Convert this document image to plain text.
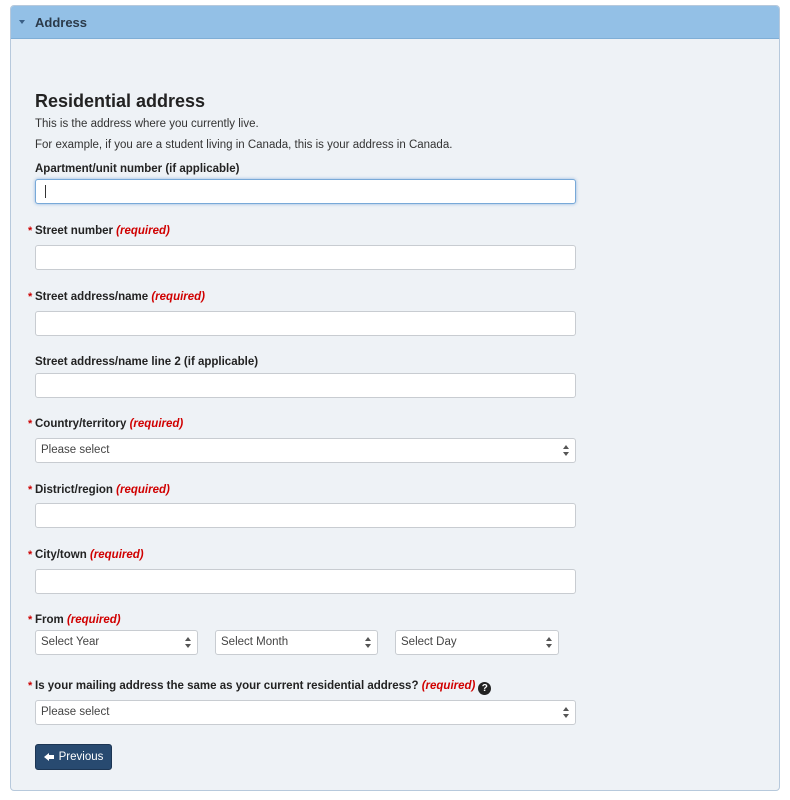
Address
Residential address

This is the address where you currently live.

For example, if you are a student living in Canada, this is your address in Canada.

Apartment/unit number (if applicable)
* Street number (required)
* Street address/name (required)
Street address/name line 2 (if applicable)
* Country/territory (required)
Please select
* District/region (required)
* City/town (required)
* From (required)
Select Year	Select Month	Select Day
* Is your mailing address the same as your current residential address? (required) ?
Please select
Previous
